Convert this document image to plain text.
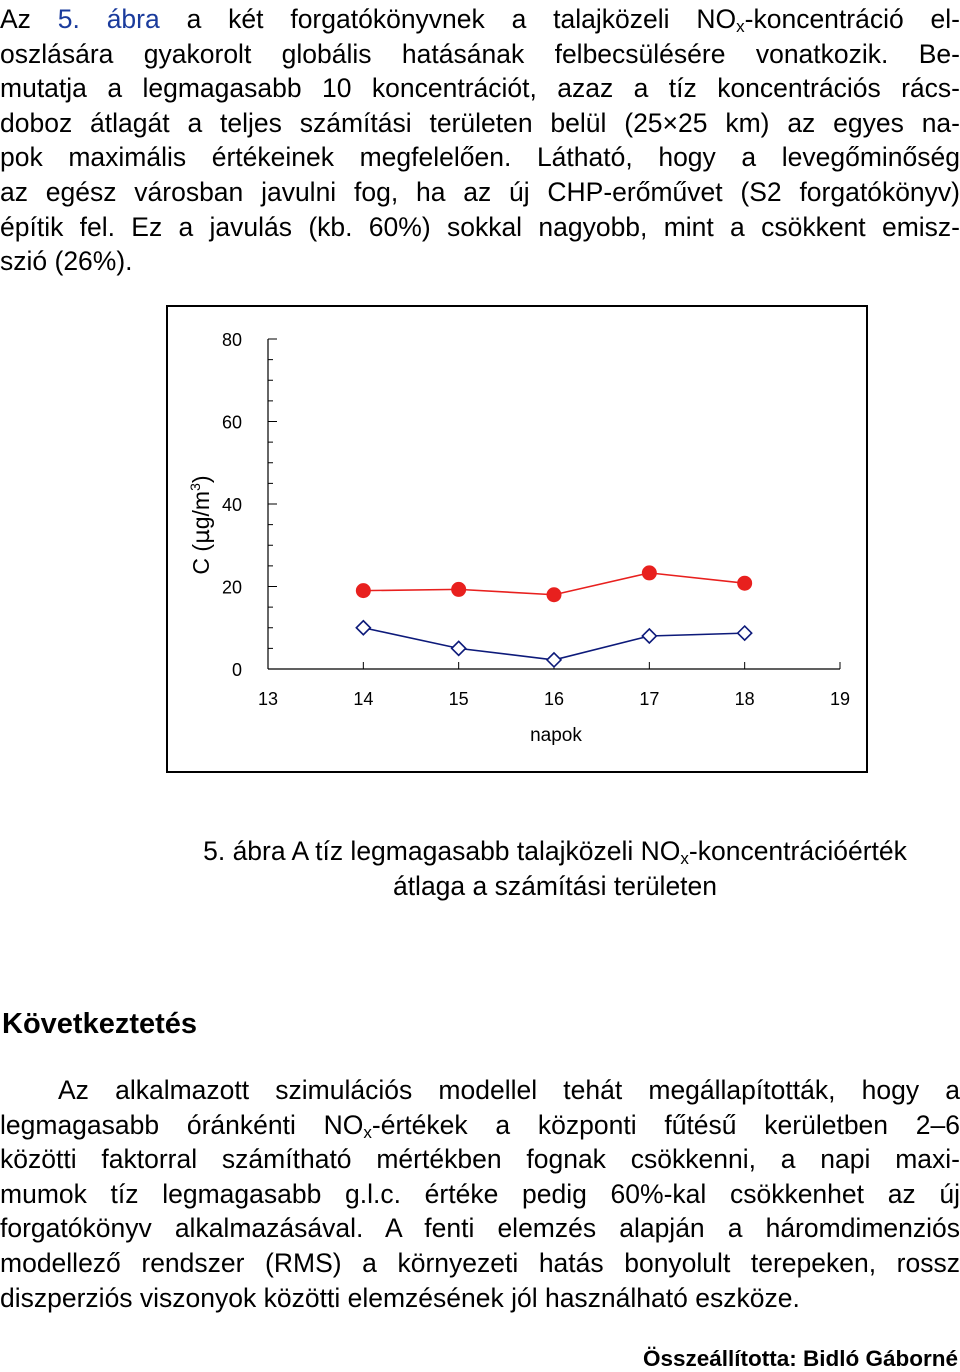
Az 5. ábra a két forgatókönyvnek a talajközeli $NO_x$-koncentráció el-
oszlására gyakorolt globális hatásának felbecsülésére vonatkozik. Be-
mutatja a legmagasabb 10 koncentrációt, azaz a tíz koncentrációs rács-
doboz átlagát a teljes számítási területen belül (25×25 km) az egyes na-
pok maximális értékeinek megfelelően. Látható, hogy a levegőminőség
az egész városban javulni fog, ha az új CHP-erőművet (S2 forgatókönyv)
építik fel. Ez a javulás (kb. 60%) sokkal nagyobb, mint a csökkent emisz-
szió (26%).
0
20
40
60
80
13	14	15	16	17	18	19
napok
C $(\mu g/m^3)$
5. ábra A tíz legmagasabb talajközeli $NO_x$-koncentrációérték
átlaga a számítási területen
Következtetés
Az alkalmazott szimulációs modellel tehát megállapították, hogy a
legmagasabb óránkénti $NO_x$-értékek a központi fűtésű kerületben 2–6
közötti faktorral számítható mértékben fognak csökkenni, a napi maxi-
mumok tíz legmagasabb g.l.c. értéke pedig 60%-kal csökkenhet az új
forgatókönyv alkalmazásával. A fenti elemzés alapján a háromdimenziós
modellező rendszer (RMS) a környezeti hatás bonyolult terepeken, rossz
diszperziós viszonyok közötti elemzésének jól használható eszköze.
Összeállította: Bidló Gáborné
